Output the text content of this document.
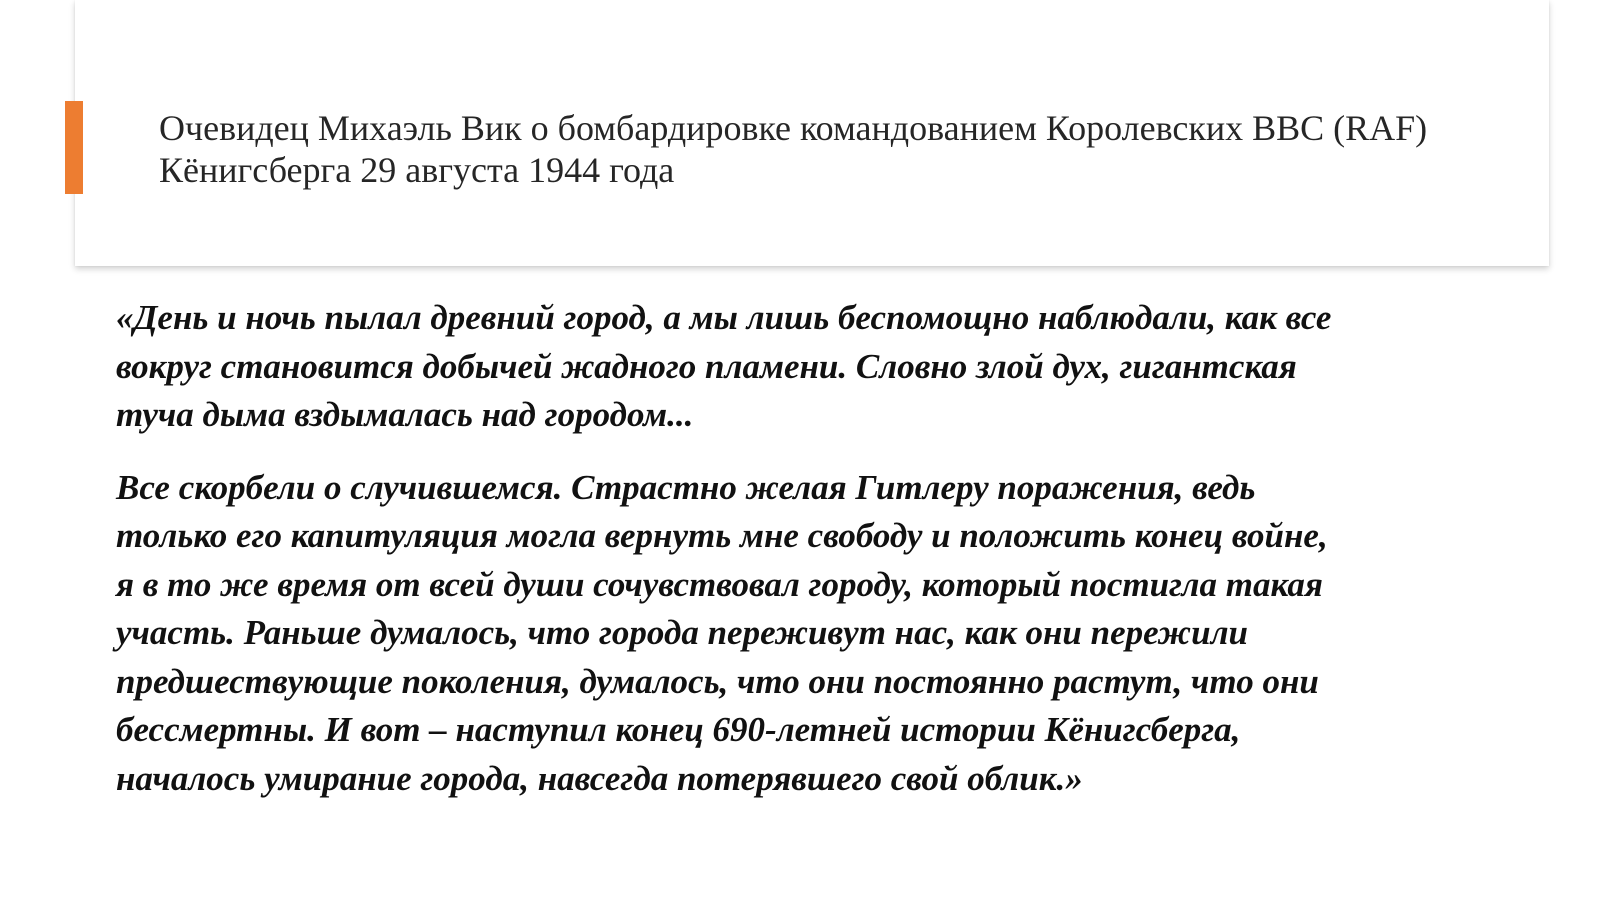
Очевидец Михаэль Вик о бомбардировке командованием Королевских ВВС (RAF) Кёнигсберга 29 августа 1944 года

«День и ночь пылал древний город, а мы лишь беспомощно наблюдали, как все
вокруг становится добычей жадного пламени. Словно злой дух, гигантская
туча дыма вздымалась над городом...

Все скорбели о случившемся. Страстно желая Гитлеру поражения, ведь
только его капитуляция могла вернуть мне свободу и положить конец войне,
я в то же время от всей души сочувствовал городу, который постигла такая
участь. Раньше думалось, что города переживут нас, как они пережили
предшествующие поколения, думалось, что они постоянно растут, что они
бессмертны. И вот – наступил конец 690-летней истории Кёнигсберга,
началось умирание города, навсегда потерявшего свой облик.»
